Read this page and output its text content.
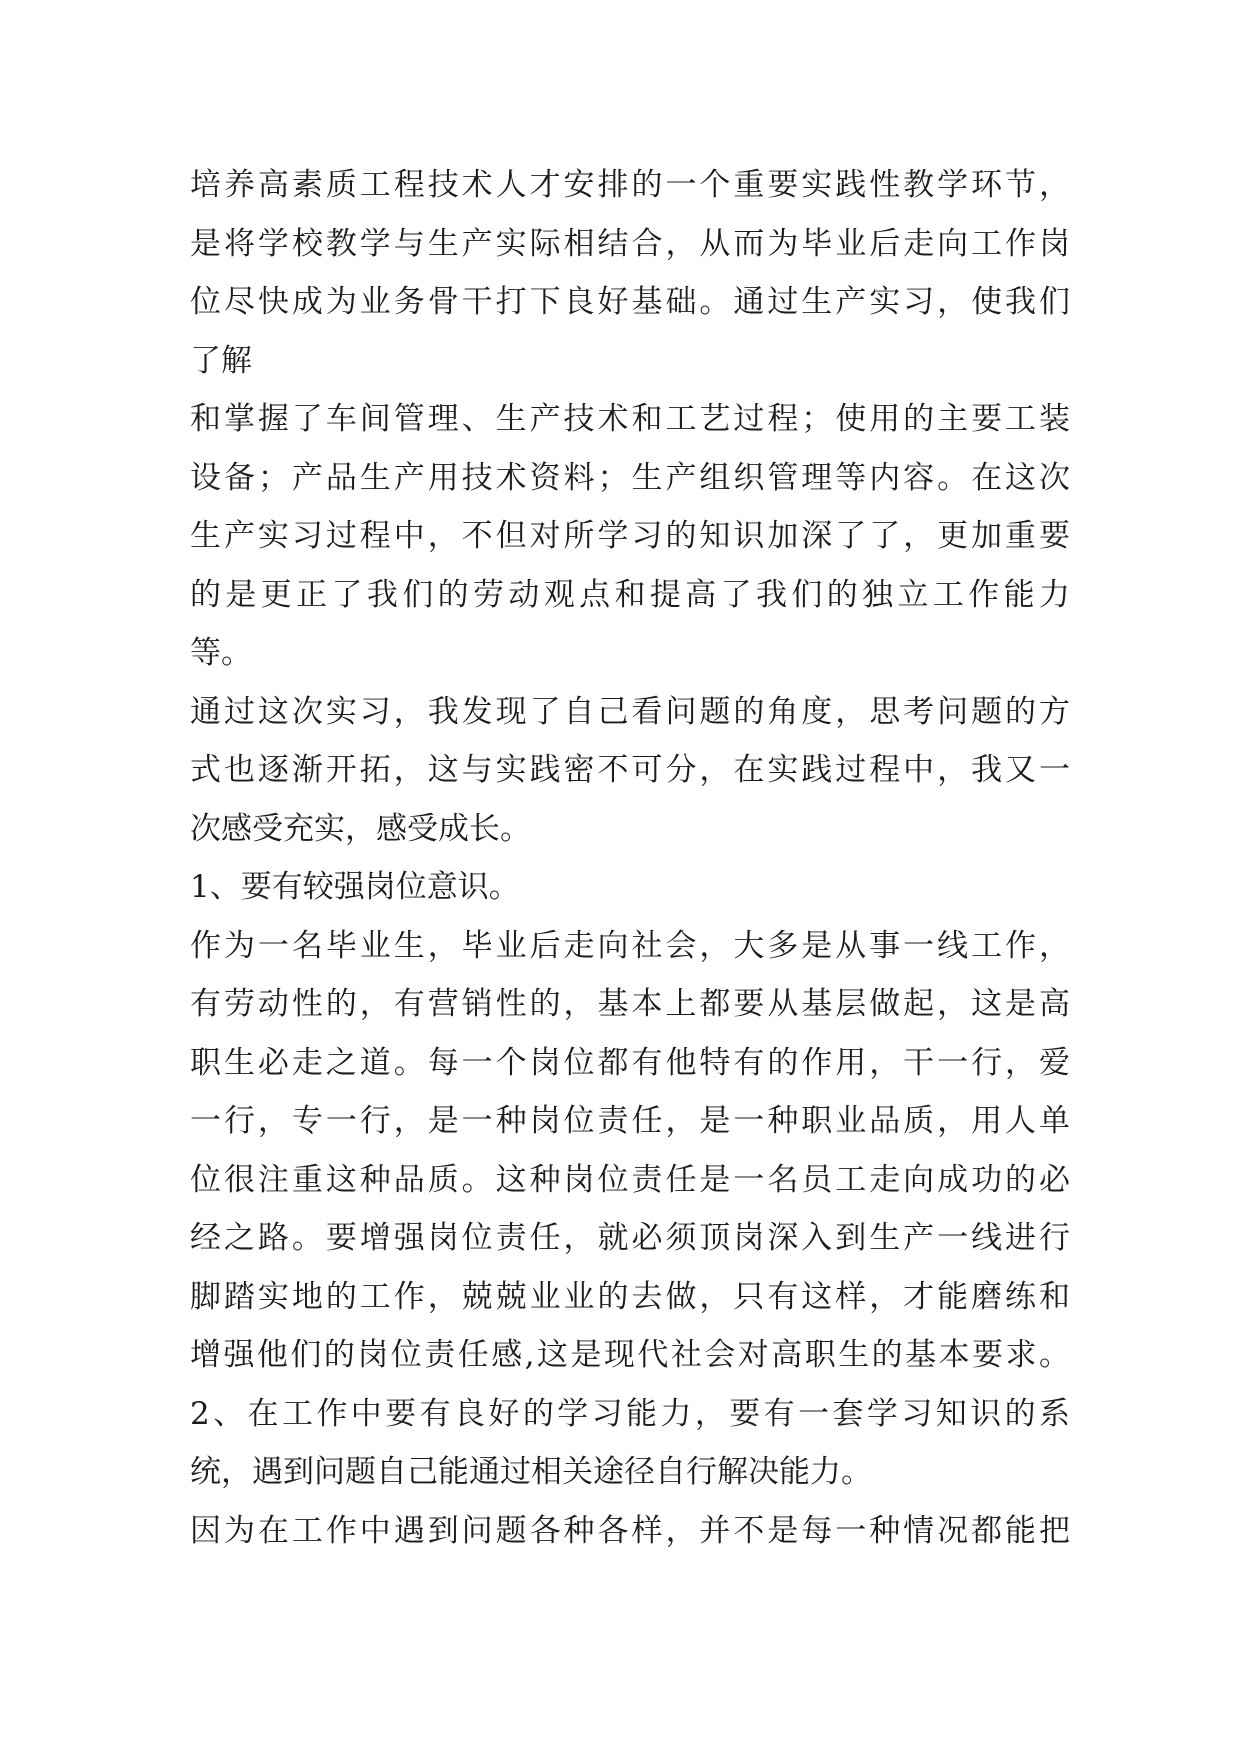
培养高素质工程技术人才安排的一个重要实践性教学环节，
是将学校教学与生产实际相结合，从而为毕业后走向工作岗
位尽快成为业务骨干打下良好基础。通过生产实习，使我们
了解
和掌握了车间管理、生产技术和工艺过程；使用的主要工装
设备；产品生产用技术资料；生产组织管理等内容。在这次
生产实习过程中，不但对所学习的知识加深了了，更加重要
的是更正了我们的劳动观点和提高了我们的独立工作能力
等。
通过这次实习，我发现了自己看问题的角度，思考问题的方
式也逐渐开拓，这与实践密不可分，在实践过程中，我又一
次感受充实，感受成长。
1、要有较强岗位意识。
作为一名毕业生，毕业后走向社会，大多是从事一线工作，
有劳动性的，有营销性的，基本上都要从基层做起，这是高
职生必走之道。每一个岗位都有他特有的作用，干一行，爱
一行，专一行，是一种岗位责任，是一种职业品质，用人单
位很注重这种品质。这种岗位责任是一名员工走向成功的必
经之路。要增强岗位责任，就必须顶岗深入到生产一线进行
脚踏实地的工作，兢兢业业的去做，只有这样，才能磨练和
增强他们的岗位责任感,这是现代社会对高职生的基本要求。
2、在工作中要有良好的学习能力，要有一套学习知识的系
统，遇到问题自己能通过相关途径自行解决能力。
因为在工作中遇到问题各种各样，并不是每一种情况都能把
